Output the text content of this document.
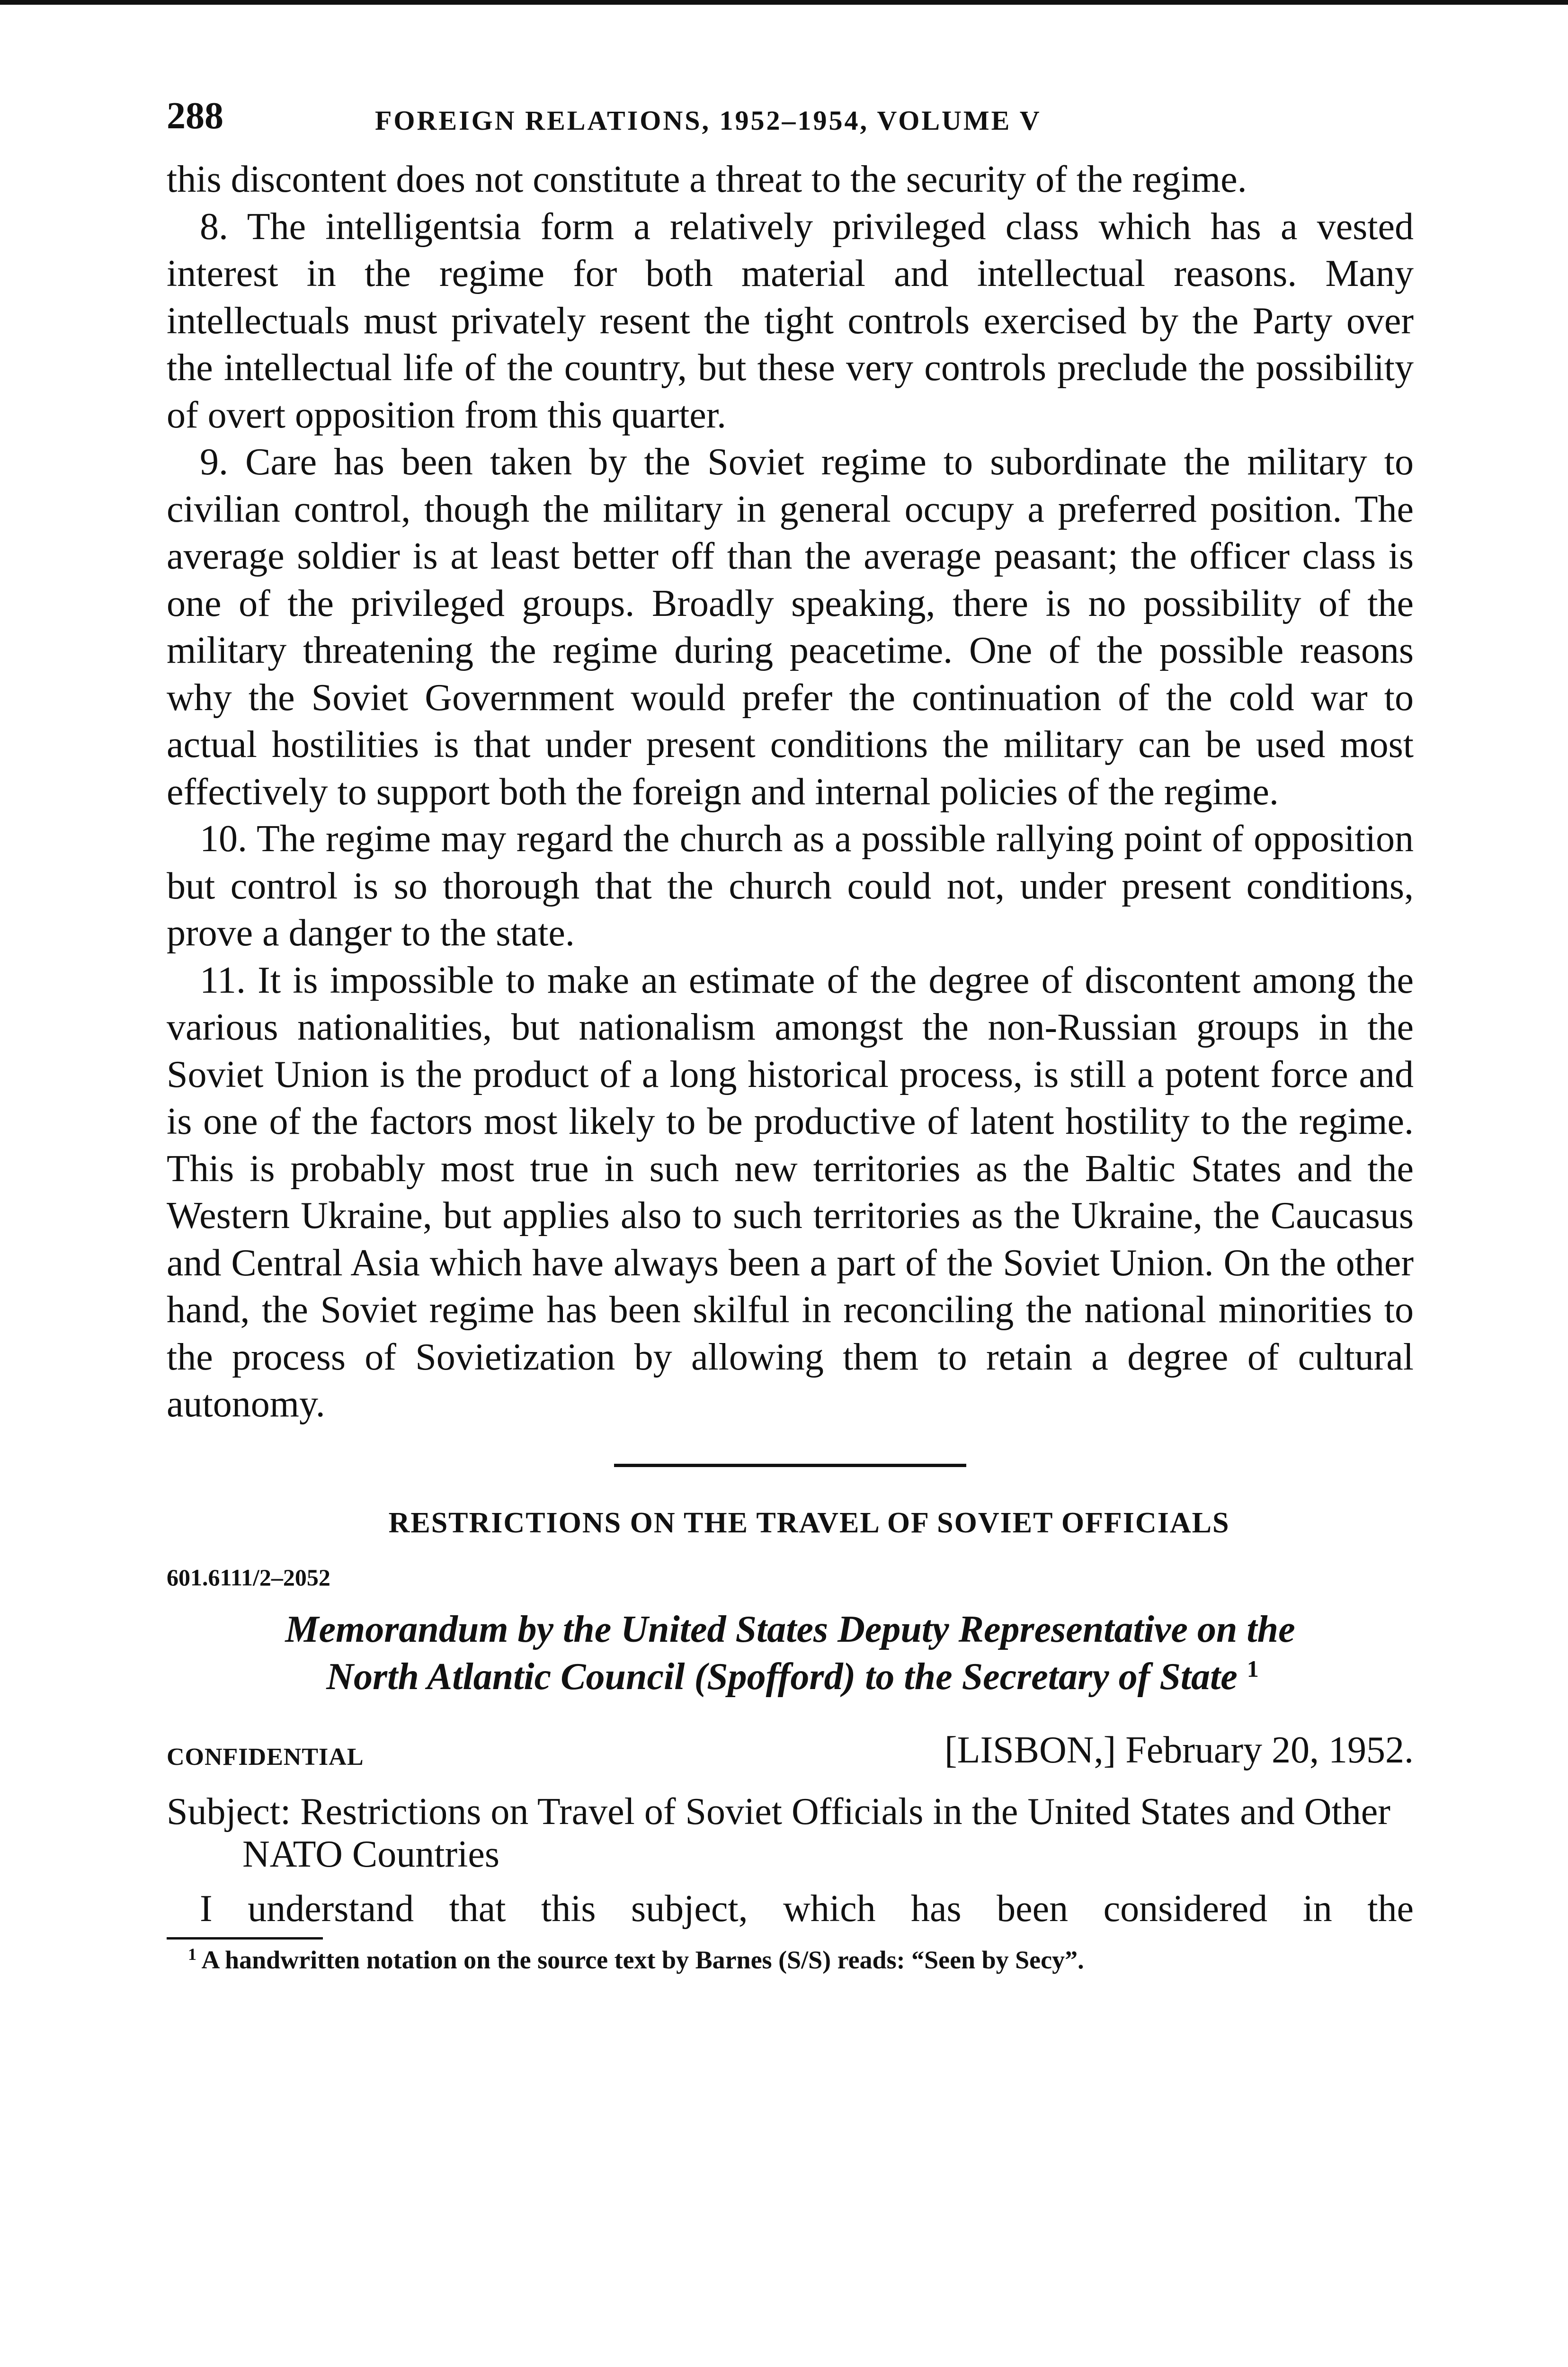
288	FOREIGN RELATIONS, 1952–1954, VOLUME V

this discontent does not constitute a threat to the security of the regime.

8. The intelligentsia form a relatively privileged class which has a vested interest in the regime for both material and intellectual reasons. Many intellectuals must privately resent the tight controls exercised by the Party over the intellectual life of the country, but these very controls preclude the possibility of overt opposition from this quarter.

9. Care has been taken by the Soviet regime to subordinate the military to civilian control, though the military in general occupy a preferred position. The average soldier is at least better off than the average peasant; the officer class is one of the privileged groups. Broadly speaking, there is no possibility of the military threatening the regime during peacetime. One of the possible reasons why the Soviet Government would prefer the continuation of the cold war to actual hostilities is that under present conditions the military can be used most effectively to support both the foreign and internal policies of the regime.

10. The regime may regard the church as a possible rallying point of opposition but control is so thorough that the church could not, under present conditions, prove a danger to the state.

11. It is impossible to make an estimate of the degree of discontent among the various nationalities, but nationalism amongst the non-Russian groups in the Soviet Union is the product of a long historical process, is still a potent force and is one of the factors most likely to be productive of latent hostility to the regime. This is probably most true in such new territories as the Baltic States and the Western Ukraine, but applies also to such territories as the Ukraine, the Caucasus and Central Asia which have always been a part of the Soviet Union. On the other hand, the Soviet regime has been skilful in reconciling the national minorities to the process of Sovietization by allowing them to retain a degree of cultural autonomy.

RESTRICTIONS ON THE TRAVEL OF SOVIET OFFICIALS
601.6111/2–2052
Memorandum by the United States Deputy Representative on the
North Atlantic Council (Spofford) to the Secretary of State $^1$
CONFIDENTIAL	[LISBON,] February 20, 1952.
Subject: Restrictions on Travel of Soviet Officials in the United States and Other NATO Countries
I understand that this subject, which has been considered in the
$^1$ A handwritten notation on the source text by Barnes (S/S) reads: “Seen by Secy”.
